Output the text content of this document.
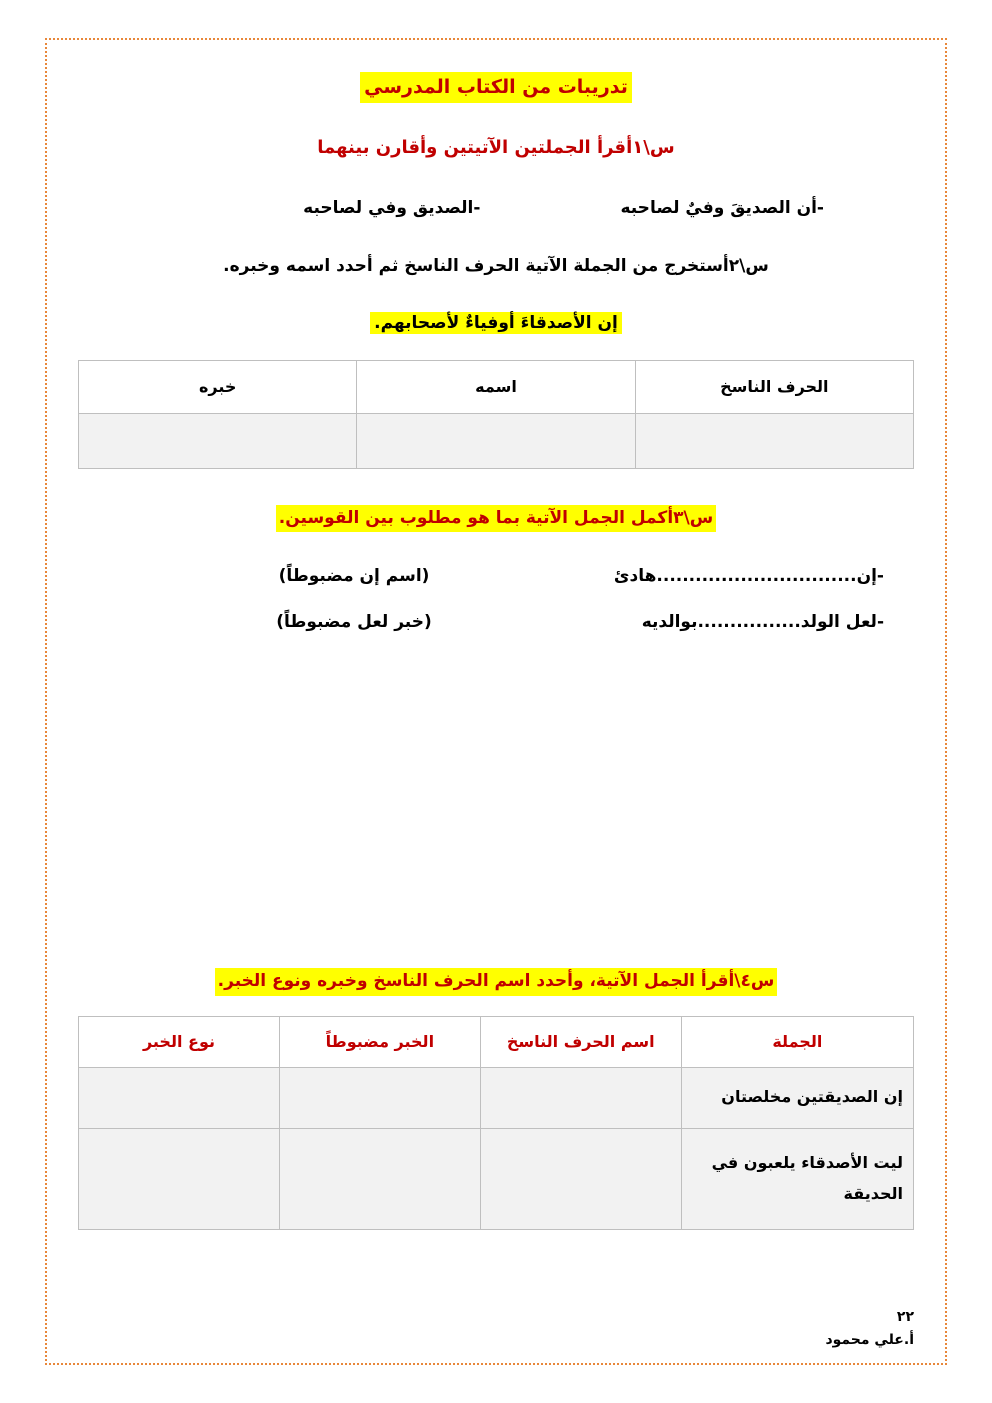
تدريبات من الكتاب المدرسي
س\١أقرأ الجملتين الآتيتين وأقارن بينهما
-أن الصديقَ وفيٌ لصاحبه
-الصديق وفي لصاحبه
س\٢أستخرج من الجملة الآتية الحرف الناسخ ثم أحدد اسمه وخبره.
إن الأصدقاءَ أوفياءٌ لأصحابهم.
الحرف الناسخ	اسمه	خبره

س\٣أكمل الجمل الآتية بما هو مطلوب بين القوسين.
-إن...............................هادئ
(اسم إن مضبوطاً)
-لعل الولد................بوالديه
(خبر لعل مضبوطاً)
س٤\أقرأ الجمل الآتية، وأحدد اسم الحرف الناسخ وخبره ونوع الخبر.
الجملة	اسم الحرف الناسخ	الخبر مضبوطاً	نوع الخبر
إن الصديقتين مخلصتان			
ليت الأصدقاء يلعبون في الحديقة			
٢٢
أ.علي محمود
